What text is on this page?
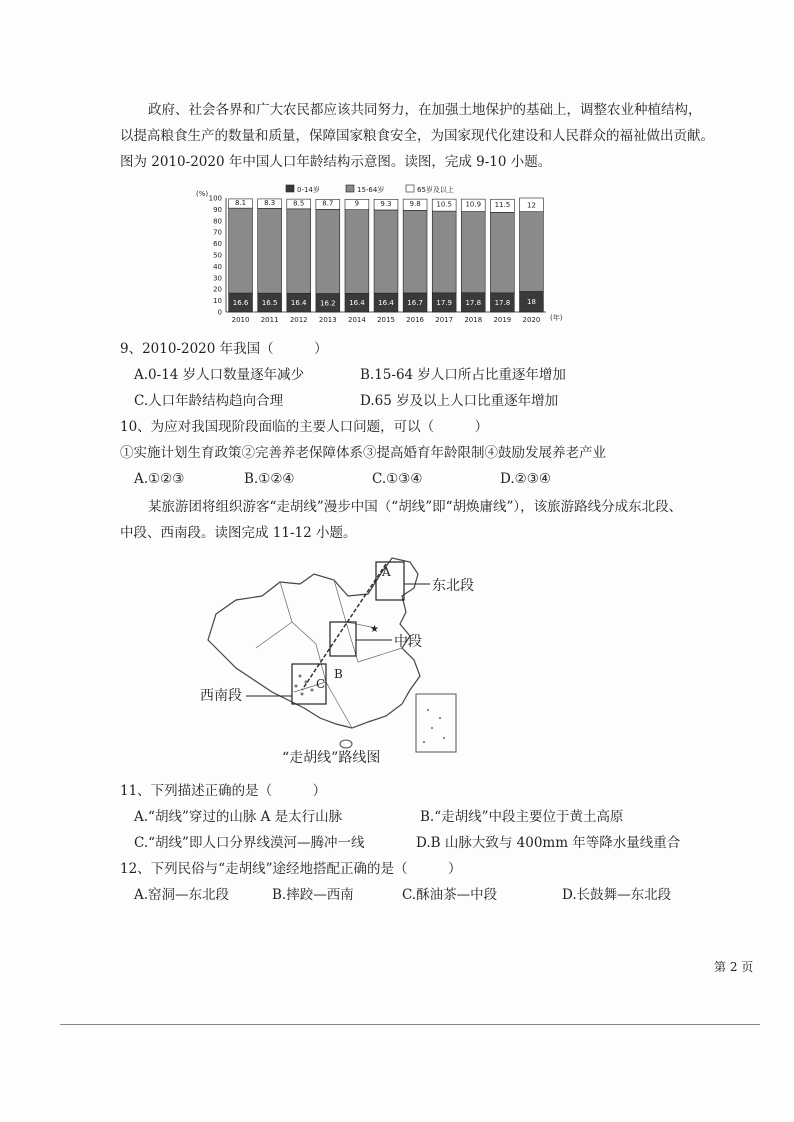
政府、社会各界和广大农民都应该共同努力，在加强土地保护的基础上，调整农业种植结构，
以提高粮食生产的数量和质量，保障国家粮食安全，为国家现代化建设和人民群众的福祉做出贡献。
图为 2010-2020 年中国人口年龄结构示意图。读图，完成 9-10 小题。
0-14岁	15-64岁	65岁及以上
(%)
0
10
20
30
40
50
60
70
80
90
100
16.6
8.1
16.5
8.3
16.4
8.5
16.2
8.7
16.4
9
16.4
9.3
16.7
9.8
17.9
10.5
17.8
10.9
17.8
11.5
18
12
2010 2011 2012 2013 2014 2015 2016 2017 2018 2019 2020 (年)
9、2010-2020 年我国（　　　）
A.0-14 岁人口数量逐年减少	B.15-64 岁人口所占比重逐年增加
C.人口年龄结构趋向合理	D.65 岁及以上人口比重逐年增加
10、为应对我国现阶段面临的主要人口问题，可以（　　　）
①实施计划生育政策②完善养老保障体系③提高婚育年龄限制④鼓励发展养老产业
A.①②③	B.①②④	C.①③④	D.②③④
某旅游团将组织游客“走胡线”漫步中国（“胡线”即“胡焕庸线”），该旅游路线分成东北段、
中段、西南段。读图完成 11-12 小题。
★
A
B
C
东北段
中段
西南段
“走胡线”路线图
11、下列描述正确的是（　　　）
A.“胡线”穿过的山脉 A 是太行山脉	B.“走胡线”中段主要位于黄土高原
C.“胡线”即人口分界线漠河—腾冲一线	D.B 山脉大致与 400mm 年等降水量线重合
12、下列民俗与“走胡线”途经地搭配正确的是（　　　）
A.窑洞—东北段	B.摔跤—西南	C.酥油茶—中段	D.长鼓舞—东北段
第 2 页
